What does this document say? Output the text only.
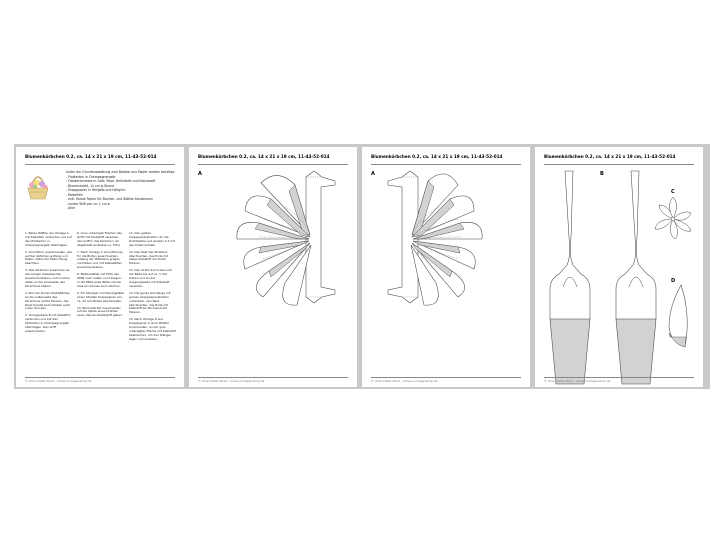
Blumenkörbchen 0.2, ca. 14 x 21 x 19 cm, 11-43-52-014
Außer der Grundausstattung zum Basteln aus Papier werden benötigt:
- Plotkarton in Champagnergelb
- Fotokartonreste in Gelb, Rosa, Hellviolett und Naturweiß
- Blumendraht, 1x cm je Blume
- Krepppapier in Hellgelb und Hellgrün
- Klebefilm
- evtl. florale Papier für Blumen- und Blätter-Schablonen
- runder Stift von ca. 1 cm ø
- Ahle

1. Beide Hälften der Vorlage A mit Klebefilm verbinden und auf den Plotkarton in Champagnergelb übertragen.

2. Grundform ausschneiden, wie auf der Abfahren entlang und falzen, dabei die Falzrichtung beachten.

3. Das Körbchen zusammen an den langen Klebelaschen zusammenkleben, zum Lochen dabei an die Innenseite des Körbchens kleben.

4. Nun die kurzen Klebeflächen an die Außenseite des Körbchens rechts fixieren, den Rand bereits beim Kleben nach unten drücken.

5. Vorlagenteile B mit Klebefilm verbinden und auf den Plotkarton in Champagnergelb übertragen. Den Griff ausschneiden.

6. Grau unterlegte Flächen des Griffs mit Klebstoff versehen, den Griff in das Körbchen um abgebildet einkleben (s. Foto).

7. Nach Vorlage C Grundformen für die Blüten ausschneiden, entlang der Mittellinie prägen und falten und mit Klebestiften zusammenkleben.

8. Blütenblätter mit Hilfe des Stifts nach außen rund biegen. In die Mitte jeder Blüte mit der Ahle ein kleines Loch stechen.

9. Für Stempel und Staubgefäße einen Streifen Krepppapier von ca. 10 mm Breite abschneiden.

10. Blumendraht zuschneiden, auf die Spitze eines Drahtes einen kleinen Klebestoff geben.

11. Den gelben Krepppapierstreifen um die Drahtspitze und wickeln 2-3 mit den Draht wickeln.

12. Den Rest des Streifens abschneiden, das Ende mit etwas Klebstoff am Draht fixieren.

13. Den Draht durch das Loch der Blüte bis auf ca. 3 mm ziehen und an der Ausgangsseite mit Klebstoff versehen.

14. Die ganze Grünlänge mit grünen Krepppapierstreifen umwickeln, den Rest abschneiden, das Ende mit Klebstoff am Blumendraht fixieren.

15. Nach Vorlage D aus Krepppapier in Grün Blätter zuschneiden, an der grau unterlegten Fläche mit Klebstoff bestreichen, um den Stängel legen und anheben.

© Ilma Ghitel 2014 - Irmas-vorlagenshop.de
Blumenkörbchen 0.2, ca. 14 x 21 x 19 cm, 11-43-52-014
A
© Ilma Ghitel 2014 - Irmas-vorlagenshop.de
Blumenkörbchen 0.2, ca. 14 x 21 x 19 cm, 11-43-52-014
A
© Ilma Ghitel 2014 - Irmas-vorlagenshop.de
Blumenkörbchen 0.2, ca. 14 x 21 x 19 cm, 11-43-52-014
B
C
D
© Ilma Ghitel 2014 - Irmas-vorlagenshop.de
